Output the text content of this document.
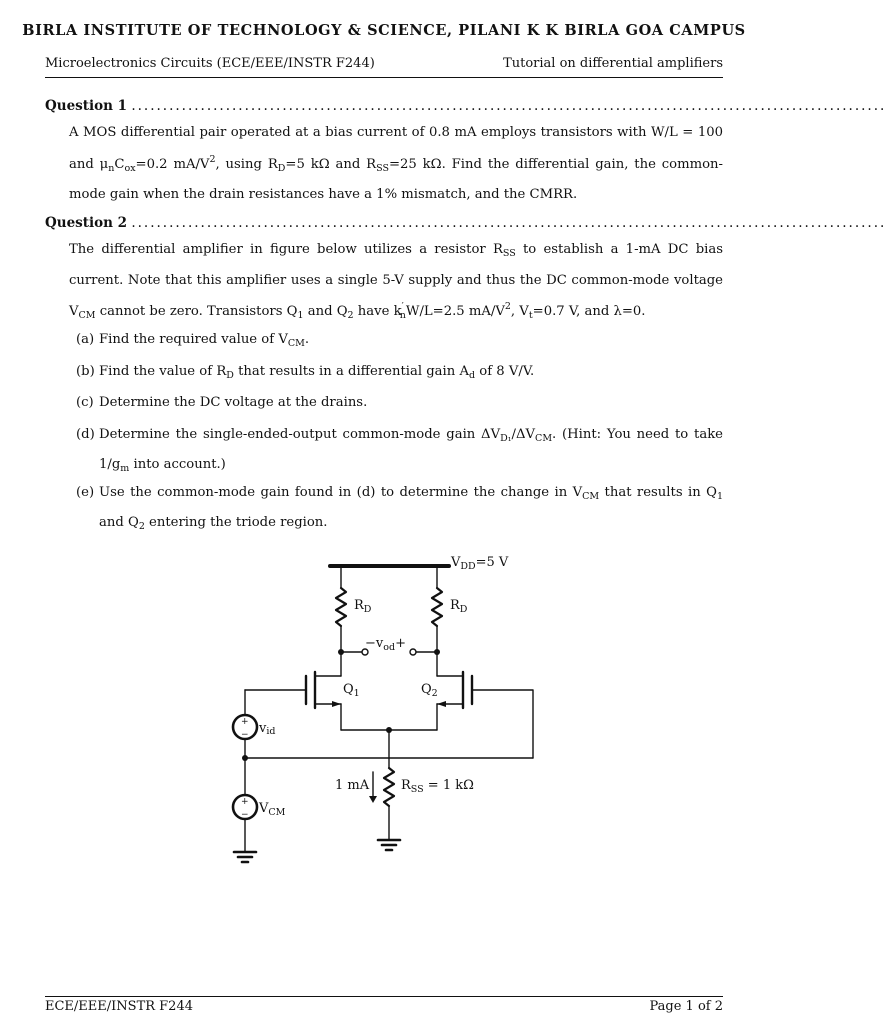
BIRLA INSTITUTE OF TECHNOLOGY & SCIENCE, PILANI K K BIRLA GOA CAMPUS
Microelectronics Circuits (ECE/EEE/INSTR F244)	Tutorial on differential amplifiers
Question 1 ........................................................................................................................
A MOS differential pair operated at a bias current of 0.8 mA employs transistors with W/L = 100 and $\mu_nC_{ox}=0.2$ $mA/V^2$, using $R_D=5$ kΩ and $R_{SS}=25$ kΩ. Find the differential gain, the common-mode gain when the drain resistances have a 1% mismatch, and the CMRR.
Question 2 ........................................................................................................................
The differential amplifier in figure below utilizes a resistor $R_{SS}$ to establish a 1-mA DC bias current. Note that this amplifier uses a single 5-V supply and thus the DC common-mode voltage $V_{CM}$ cannot be zero. Transistors $Q_1$ and $Q_2$ have $k'_nW/L=2.5$ $mA/V^2$, $V_t=0.7$ V, and λ=0.
(a) Find the required value of $V_{CM}$.
(b) Find the value of $R_D$ that results in a differential gain $A_d$ of 8 V/V.
(c) Determine the DC voltage at the drains.
(d) Determine the single-ended-output common-mode gain $\Delta V_{D_1}/\Delta V_{CM}$. (Hint: You need to take $1/g_m$ into account.)
(e) Use the common-mode gain found in (d) to determine the change in $V_{CM}$ that results in $Q_1$ and $Q_2$ entering the triode region.
$V_{DD}=5$ V
$R_D$	$R_D$
$-v_{od}+$
$Q_1$	$Q_2$
vid
$V_{CM}$
1 mA $R_{SS} = 1$ kΩ
+
−
+
−
ECE/EEE/INSTR F244	Page 1 of 2
